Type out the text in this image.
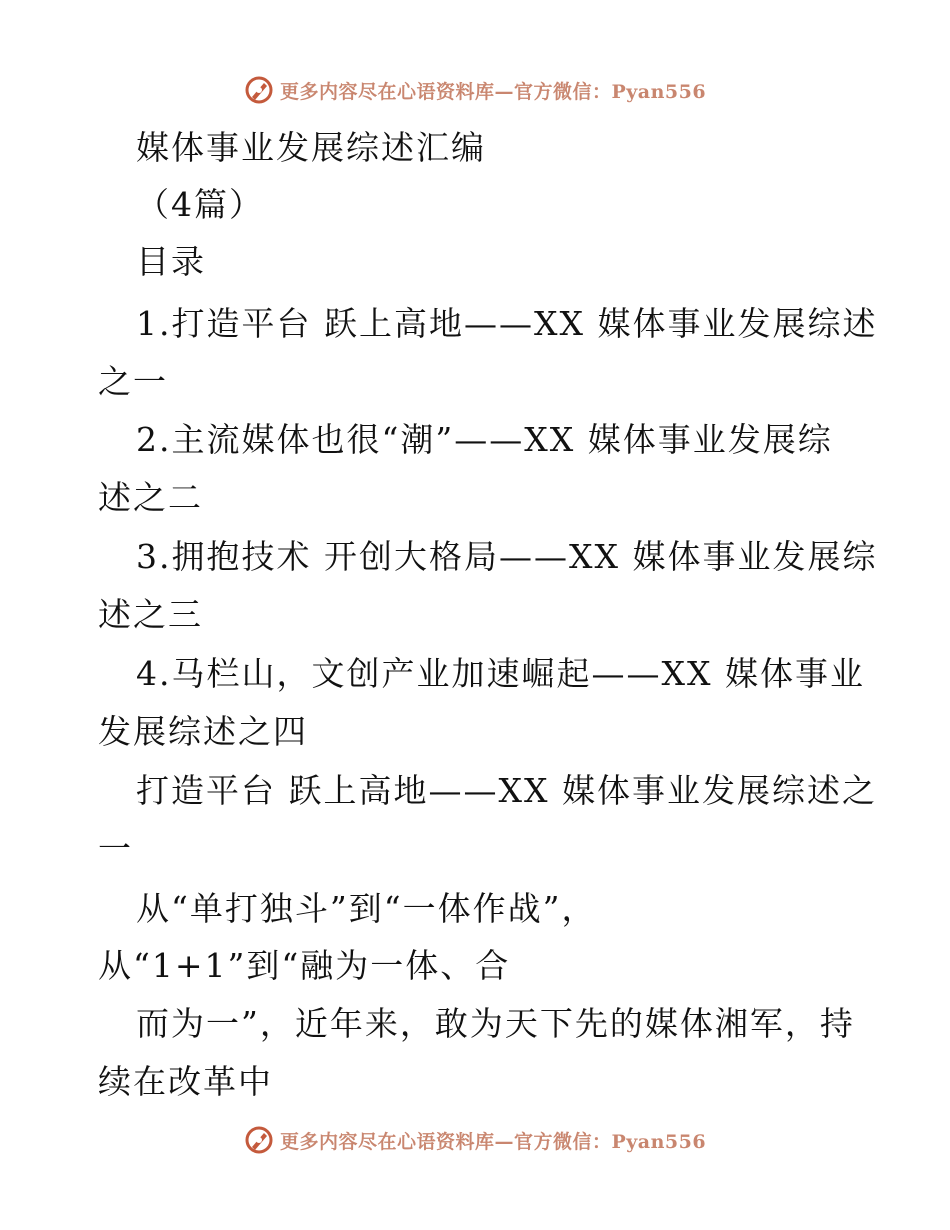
更多内容尽在心语资料库—官方微信：Pyan556
媒体事业发展综述汇编
（4篇）
目录
1.打造平台 跃上高地——XX 媒体事业发展综述
之一
2.主流媒体也很“潮”——XX 媒体事业发展综
述之二
3.拥抱技术 开创大格局——XX 媒体事业发展综
述之三
4.马栏山，文创产业加速崛起——XX 媒体事业
发展综述之四
打造平台 跃上高地——XX 媒体事业发展综述之
一
从“单打独斗”到“一体作战”，
从“1+1”到“融为一体、合
而为一”，近年来，敢为天下先的媒体湘军，持
续在改革中
更多内容尽在心语资料库—官方微信：Pyan556
